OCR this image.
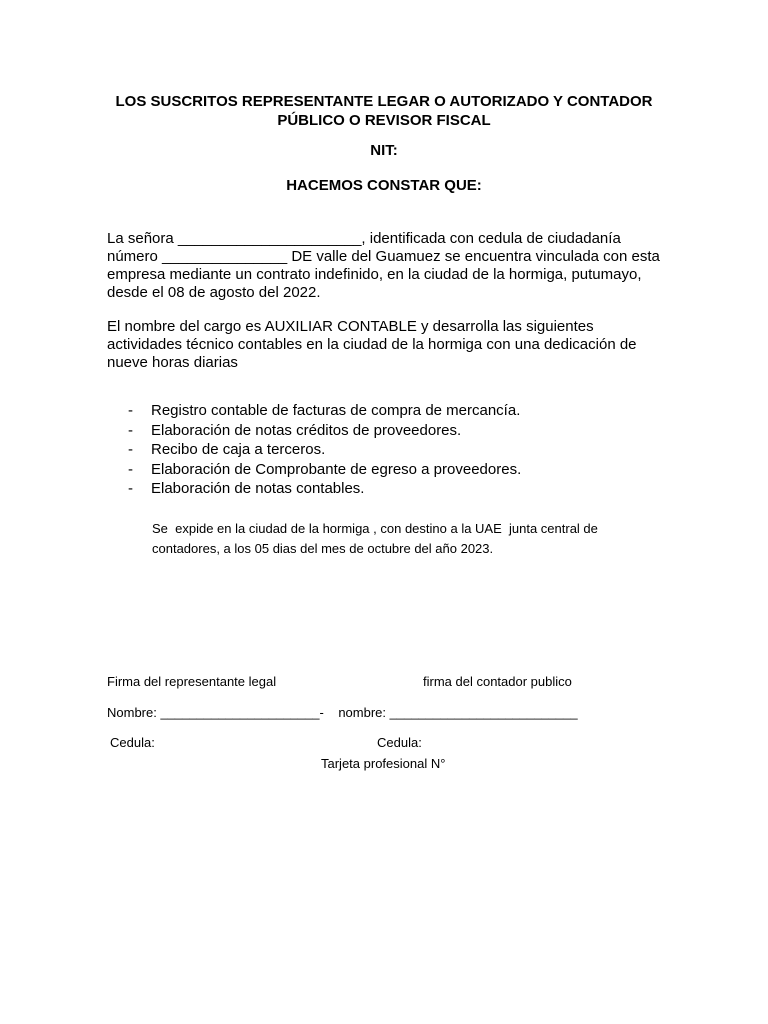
LOS SUSCRITOS REPRESENTANTE LEGAR O AUTORIZADO Y CONTADOR
PÚBLICO O REVISOR FISCAL
NIT:
HACEMOS CONSTAR QUE:
La señora ______________________, identificada con cedula de ciudadanía número _______________ DE valle del Guamuez se encuentra vinculada con esta empresa mediante un contrato indefinido, en la ciudad de la hormiga, putumayo, desde el 08 de agosto del 2022.
El nombre del cargo es AUXILIAR CONTABLE y desarrolla las siguientes actividades técnico contables en la ciudad de la hormiga con una dedicación de nueve horas diarias
- Registro contable de facturas de compra de mercancía.
- Elaboración de notas créditos de proveedores.
- Recibo de caja a terceros.
- Elaboración de Comprobante de egreso a proveedores.
- Elaboración de notas contables.
Se  expide en la ciudad de la hormiga , con destino a la UAE  junta central de
contadores, a los 05 dias del mes de octubre del año 2023.
Firma del representante legal	firma del contador publico
Nombre: ______________________- nombre: __________________________
Cedula:	Cedula:
Tarjeta profesional N°
